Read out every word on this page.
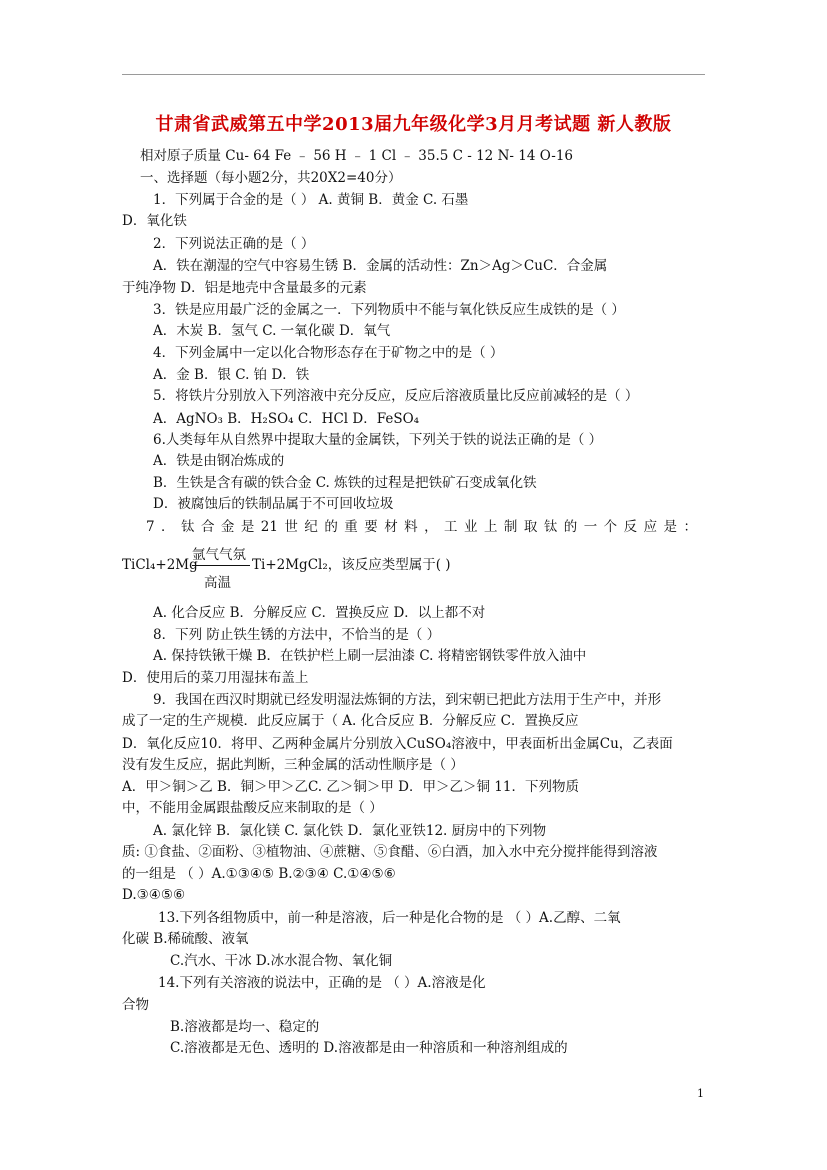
甘肃省武威第五中学2013届九年级化学3月月考试题 新人教版
相对原子质量 Cu- 64 Fe ﹣ 56 H ﹣ 1 Cl ﹣ 35.5 C - 12 N- 14 O-16
一、选择题（每小题2分，共20X2=40分）
1．下列属于合金的是（ ） A. 黄铜 B．黄金 C. 石墨
D．氧化铁
2．下列说法正确的是（ ）
A．铁在潮湿的空气中容易生锈 B．金属的活动性：Zn＞Ag＞CuC．合金属
于纯净物 D．铝是地壳中含量最多的元素
3．铁是应用最广泛的金属之一．下列物质中不能与氧化铁反应生成铁的是（ ）
A．木炭 B．氢气 C. 一氧化碳 D．氧气
4．下列金属中一定以化合物形态存在于矿物之中的是（ ）
A．金 B．银 C. 铂 D．铁
5．将铁片分别放入下列溶液中充分反应，反应后溶液质量比反应前减轻的是（ ）
A．AgNO₃ B．H₂SO₄ C．HCl D．FeSO₄
6.人类每年从自然界中提取大量的金属铁，下列关于铁的说法正确的是（ ）
A．铁是由钢冶炼成的
B．生铁是含有碳的铁合金 C. 炼铁的过程是把铁矿石变成氧化铁
D．被腐蚀后的铁制品属于不可回收垃圾
7．钛合金是21世纪的重要材料，工业上制取钛的一个反应是：
TiCl₄+2Mg
氩气气氛
高温
Ti+2MgCl₂，该反应类型属于( )
A. 化合反应 B．分解反应 C．置换反应 D．以上都不对
8．下列 防止铁生锈的方法中，不恰当的是（ ）
A. 保持铁锹干燥 B．在铁护栏上刷一层油漆 C. 将精密钢铁零件放入油中
D．使用后的菜刀用湿抹布盖上
9．我国在西汉时期就已经发明湿法炼铜的方法，到宋朝已把此方法用于生产中，并形
成了一定的生产规模．此反应属于（ A. 化合反应 B．分解反应 C．置换反应
D．氧化反应10．将甲、乙两种金属片分别放入CuSO₄溶液中，甲表面析出金属Cu，乙表面
没有发生反应，据此判断，三种金属的活动性顺序是（ ）
A．甲＞铜＞乙 B．铜＞甲＞乙C. 乙＞铜＞甲 D．甲＞乙＞铜 11．下列物质
中，不能用金属跟盐酸反应来制取的是（ ）
A. 氯化锌 B．氯化镁 C. 氯化铁 D．氯化亚铁12. 厨房中的下列物
质: ①食盐、②面粉、③植物油、④蔗糖、⑤食醋、⑥白酒，加入水中充分搅拌能得到溶液
的一组是 （ ）A.①③④⑤ B.②③④ C.①④⑤⑥
D.③④⑤⑥
13.下列各组物质中，前一种是溶液，后一种是化合物的是 （ ）A.乙醇、二氧
化碳 B.稀硫酸、液氧
C.汽水、干冰 D.冰水混合物、氧化铜
14.下列有关溶液的说法中，正确的是 （ ）A.溶液是化
合物
B.溶液都是均一、稳定的
C.溶液都是无色、透明的 D.溶液都是由一种溶质和一种溶剂组成的
1
